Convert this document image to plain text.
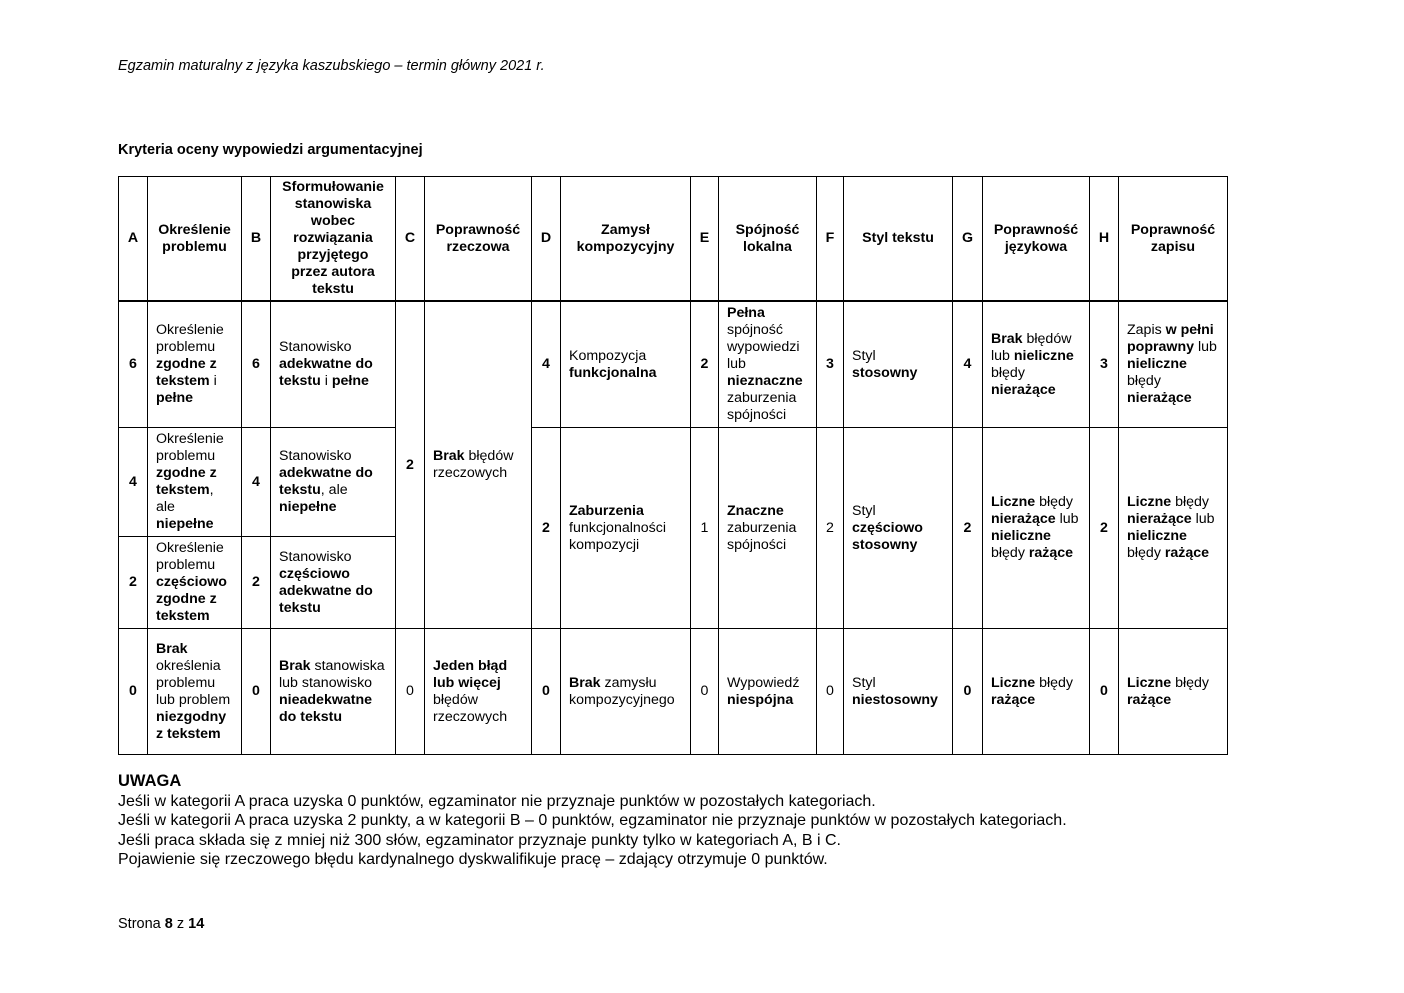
Egzamin maturalny z języka kaszubskiego – termin główny 2021 r.
Kryteria oceny wypowiedzi argumentacyjnej
A	Określenie problemu	B	Sformułowanie stanowiska wobec rozwiązania przyjętego przez autora tekstu	C	Poprawność rzeczowa	D	Zamysł kompozycyjny	E	Spójność lokalna	F	Styl tekstu	G	Poprawność językowa	H	Poprawność zapisu
6	Określenie problemu zgodne z tekstem i pełne	6	Stanowisko adekwatne do tekstu i pełne	2	Brak błędów rzeczowych	4	Kompozycja funkcjonalna	2	Pełna spójność wypowiedzi lub nieznaczne zaburzenia spójności	3	Styl stosowny	4	Brak błędów lub nieliczne błędy nierażące	3	Zapis w pełni poprawny lub nieliczne błędy nierażące
4	Określenie problemu zgodne z tekstem, ale niepełne	4	Stanowisko adekwatne do tekstu, ale niepełne			2	Zaburzenia funkcjonalności kompozycji	1	Znaczne zaburzenia spójności	2	Styl częściowo stosowny	2	Liczne błędy nierażące lub nieliczne błędy rażące	2	Liczne błędy nierażące lub nieliczne błędy rażące
2	Określenie problemu częściowo zgodne z tekstem	2	Stanowisko częściowo adekwatne do tekstu												
0	Brak określenia problemu lub problem niezgodny z tekstem	0	Brak stanowiska lub stanowisko nieadekwatne do tekstu	0	Jeden błąd lub więcej błędów rzeczowych	0	Brak zamysłu kompozycyjnego	0	Wypowiedź niespójna	0	Styl niestosowny	0	Liczne błędy rażące	0	Liczne błędy rażące
UWAGA
Jeśli w kategorii A praca uzyska 0 punktów, egzaminator nie przyznaje punktów w pozostałych kategoriach.
Jeśli w kategorii A praca uzyska 2 punkty, a w kategorii B – 0 punktów, egzaminator nie przyznaje punktów w pozostałych kategoriach.
Jeśli praca składa się z mniej niż 300 słów, egzaminator przyznaje punkty tylko w kategoriach A, B i C.
Pojawienie się rzeczowego błędu kardynalnego dyskwalifikuje pracę – zdający otrzymuje 0 punktów.
Strona 8 z 14
